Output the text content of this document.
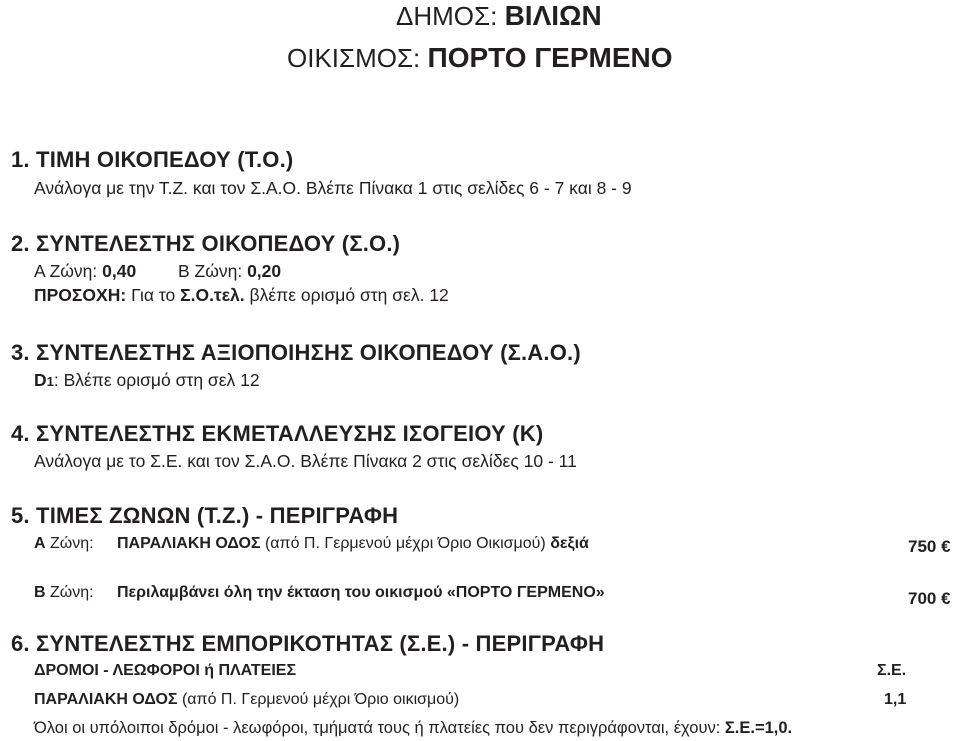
ΔΗΜΟΣ: ΒΙΛΙΩΝ
ΟΙΚΙΣΜΟΣ: ΠΟΡΤΟ ΓΕΡΜΕΝΟ
1. ΤΙΜΗ ΟΙΚΟΠΕΔΟΥ (Τ.Ο.)
Ανάλογα με την Τ.Ζ. και τον Σ.Α.Ο. Βλέπε Πίνακα 1 στις σελίδες 6 - 7 και 8 - 9
2. ΣΥΝΤΕΛΕΣΤΗΣ ΟΙΚΟΠΕΔΟΥ (Σ.Ο.)
Α Ζώνη: 0,40 Β Ζώνη: 0,20
ΠΡΟΣΟΧΗ: Για το Σ.Ο.τελ. βλέπε ορισμό στη σελ. 12
3. ΣΥΝΤΕΛΕΣΤΗΣ ΑΞΙΟΠΟΙΗΣΗΣ ΟΙΚΟΠΕΔΟΥ (Σ.Α.Ο.)
D1: Βλέπε ορισμό στη σελ 12
4. ΣΥΝΤΕΛΕΣΤΗΣ ΕΚΜΕΤΑΛΛΕΥΣΗΣ ΙΣΟΓΕΙΟΥ (Κ)
Ανάλογα με το Σ.Ε. και τον Σ.Α.Ο. Βλέπε Πίνακα 2 στις σελίδες 10 - 11
5. ΤΙΜΕΣ ΖΩΝΩΝ (Τ.Ζ.) - ΠΕΡΙΓΡΑΦΗ
Α Ζώνη: ΠΑΡΑΛΙΑΚΗ ΟΔΟΣ (από Π. Γερμενού μέχρι Όριο Οικισμού) δεξιά	750 €
Β Ζώνη: Περιλαμβάνει όλη την έκταση του οικισμού «ΠΟΡΤΟ ΓΕΡΜΕΝΟ»	700 €
6. ΣΥΝΤΕΛΕΣΤΗΣ ΕΜΠΟΡΙΚΟΤΗΤΑΣ (Σ.Ε.) - ΠΕΡΙΓΡΑΦΗ
ΔΡΟΜΟΙ - ΛΕΩΦΟΡΟΙ ή ΠΛΑΤΕΙΕΣ	Σ.Ε.
ΠΑΡΑΛΙΑΚΗ ΟΔΟΣ (από Π. Γερμενού μέχρι Όριο οικισμού)	1,1
Όλοι οι υπόλοιποι δρόμοι - λεωφόροι, τμήματά τους ή πλατείες που δεν περιγράφονται, έχουν: Σ.Ε.=1,0.
